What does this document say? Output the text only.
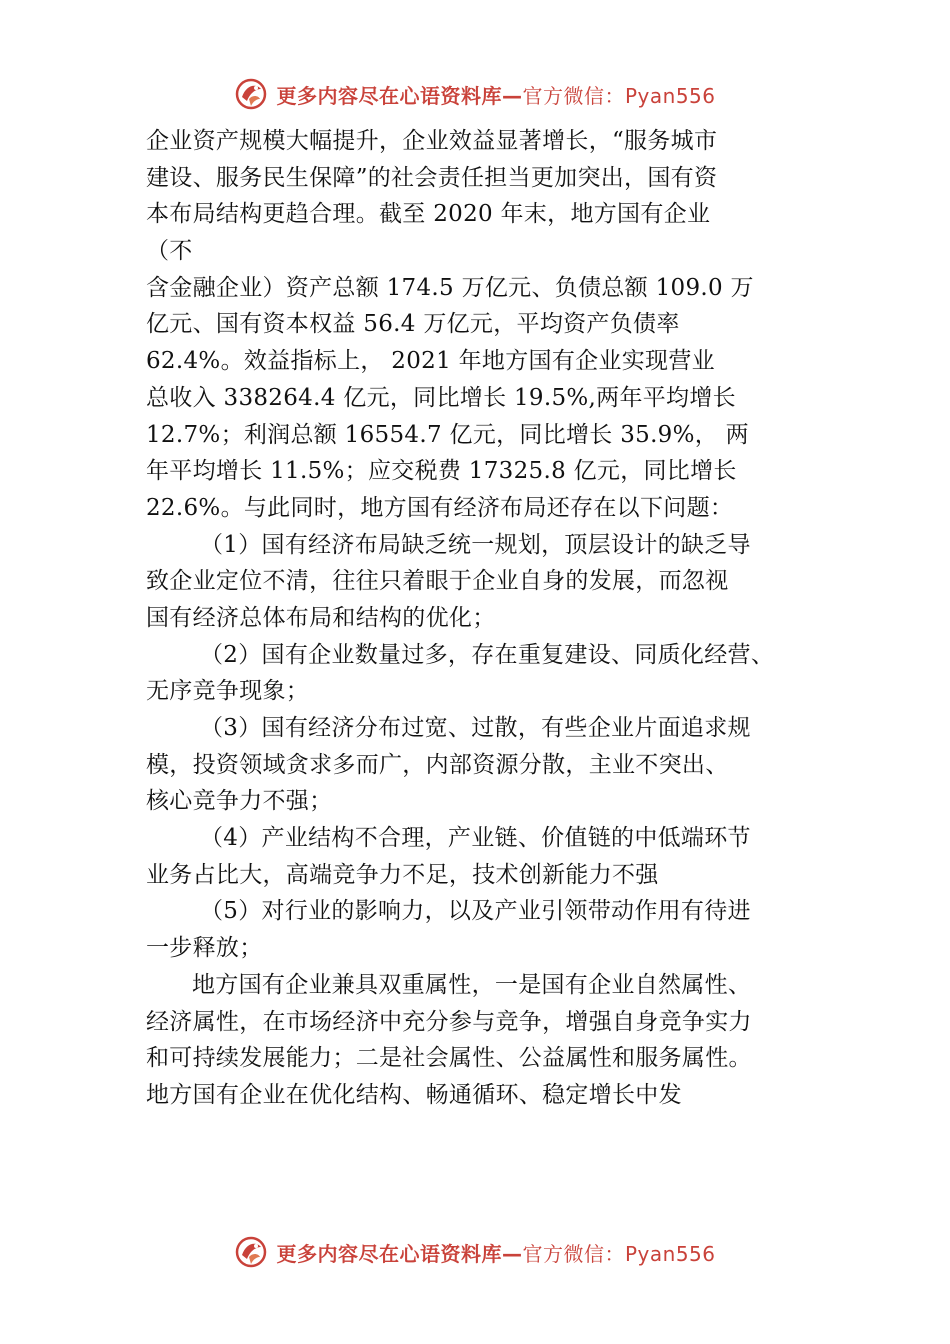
更多内容尽在心语资料库—官方微信：Pyan556
企业资产规模大幅提升，企业效益显著增长，“服务城市
建设、服务民生保障”的社会责任担当更加突出，国有资
本布局结构更趋合理。截至 2020 年末，地方国有企业
（不
含金融企业）资产总额 174.5 万亿元、负债总额 109.0 万
亿元、国有资本权益 56.4 万亿元，平均资产负债率
62.4%。效益指标上， 2021 年地方国有企业实现营业
总收入 338264.4 亿元，同比增长 19.5%,两年平均增长
12.7%；利润总额 16554.7 亿元，同比增长 35.9%， 两
年平均增长 11.5%；应交税费 17325.8 亿元，同比增长
22.6%。与此同时，地方国有经济布局还存在以下问题：
（1）国有经济布局缺乏统一规划，顶层设计的缺乏导
致企业定位不清，往往只着眼于企业自身的发展，而忽视
国有经济总体布局和结构的优化；
（2）国有企业数量过多，存在重复建设、同质化经营、
无序竞争现象；
（3）国有经济分布过宽、过散，有些企业片面追求规
模，投资领域贪求多而广，内部资源分散，主业不突出、
核心竞争力不强；
（4）产业结构不合理，产业链、价值链的中低端环节
业务占比大，高端竞争力不足，技术创新能力不强
（5）对行业的影响力，以及产业引领带动作用有待进
一步释放；
地方国有企业兼具双重属性，一是国有企业自然属性、
经济属性，在市场经济中充分参与竞争，增强自身竞争实力
和可持续发展能力；二是社会属性、公益属性和服务属性。
地方国有企业在优化结构、畅通循环、稳定增长中发
更多内容尽在心语资料库—官方微信：Pyan556
